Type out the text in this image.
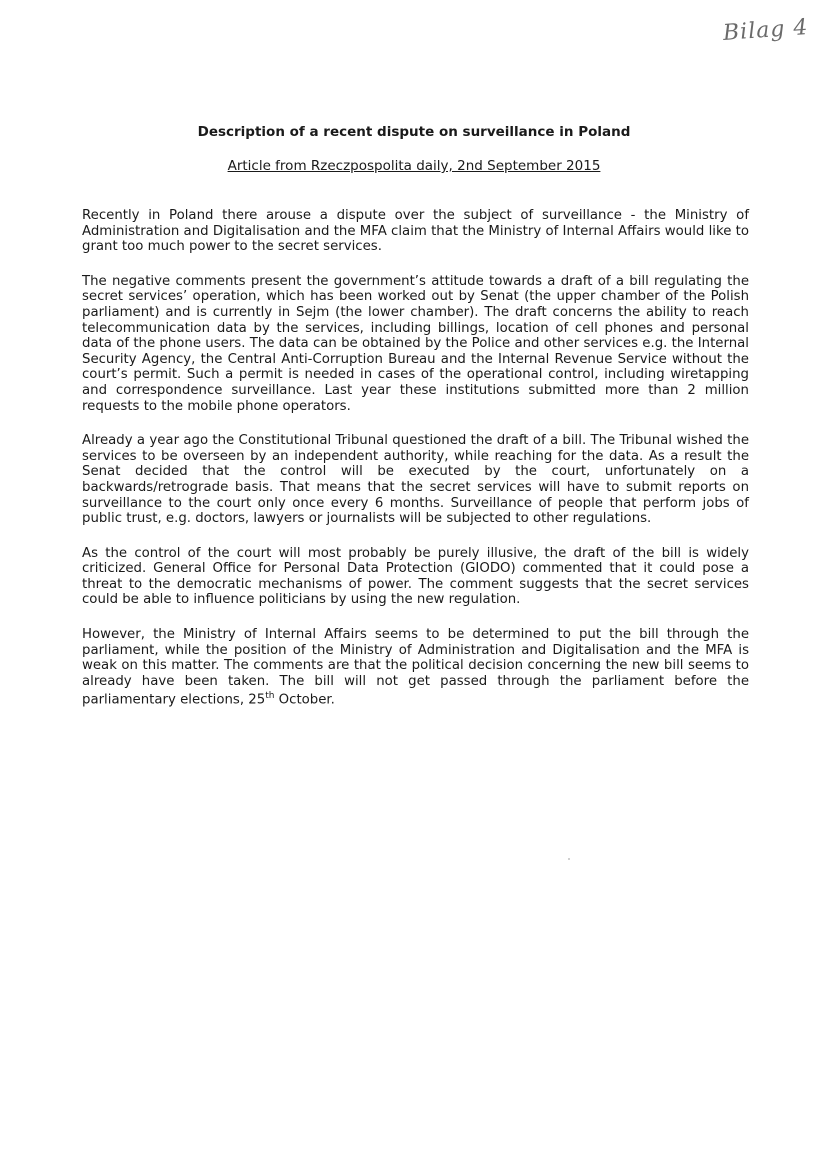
Bilag 4
Description of a recent dispute on surveillance in Poland
Article from Rzeczpospolita daily, 2nd September 2015

Recently in Poland there arouse a dispute over the subject of surveillance - the Ministry of Administration and Digitalisation and the MFA claim that the Ministry of Internal Affairs would like to grant too much power to the secret services.

The negative comments present the government’s attitude towards a draft of a bill regulating the secret services’ operation, which has been worked out by Senat (the upper chamber of the Polish parliament) and is currently in Sejm (the lower chamber). The draft concerns the ability to reach telecommunication data by the services, including billings, location of cell phones and personal data of the phone users. The data can be obtained by the Police and other services e.g. the Internal Security Agency, the Central Anti-Corruption Bureau and the Internal Revenue Service without the court’s permit. Such a permit is needed in cases of the operational control, including wiretapping and correspondence surveillance. Last year these institutions submitted more than 2 million requests to the mobile phone operators.

Already a year ago the Constitutional Tribunal questioned the draft of a bill. The Tribunal wished the services to be overseen by an independent authority, while reaching for the data. As a result the Senat decided that the control will be executed by the court, unfortunately on a backwards/retrograde basis. That means that the secret services will have to submit reports on surveillance to the court only once every 6 months. Surveillance of people that perform jobs of public trust, e.g. doctors, lawyers or journalists will be subjected to other regulations.

As the control of the court will most probably be purely illusive, the draft of the bill is widely criticized. General Office for Personal Data Protection (GIODO) commented that it could pose a threat to the democratic mechanisms of power. The comment suggests that the secret services could be able to influence politicians by using the new regulation.

However, the Ministry of Internal Affairs seems to be determined to put the bill through the parliament, while the position of the Ministry of Administration and Digitalisation and the MFA is weak on this matter. The comments are that the political decision concerning the new bill seems to already have been taken. The bill will not get passed through the parliament before the parliamentary elections, 25th October.
